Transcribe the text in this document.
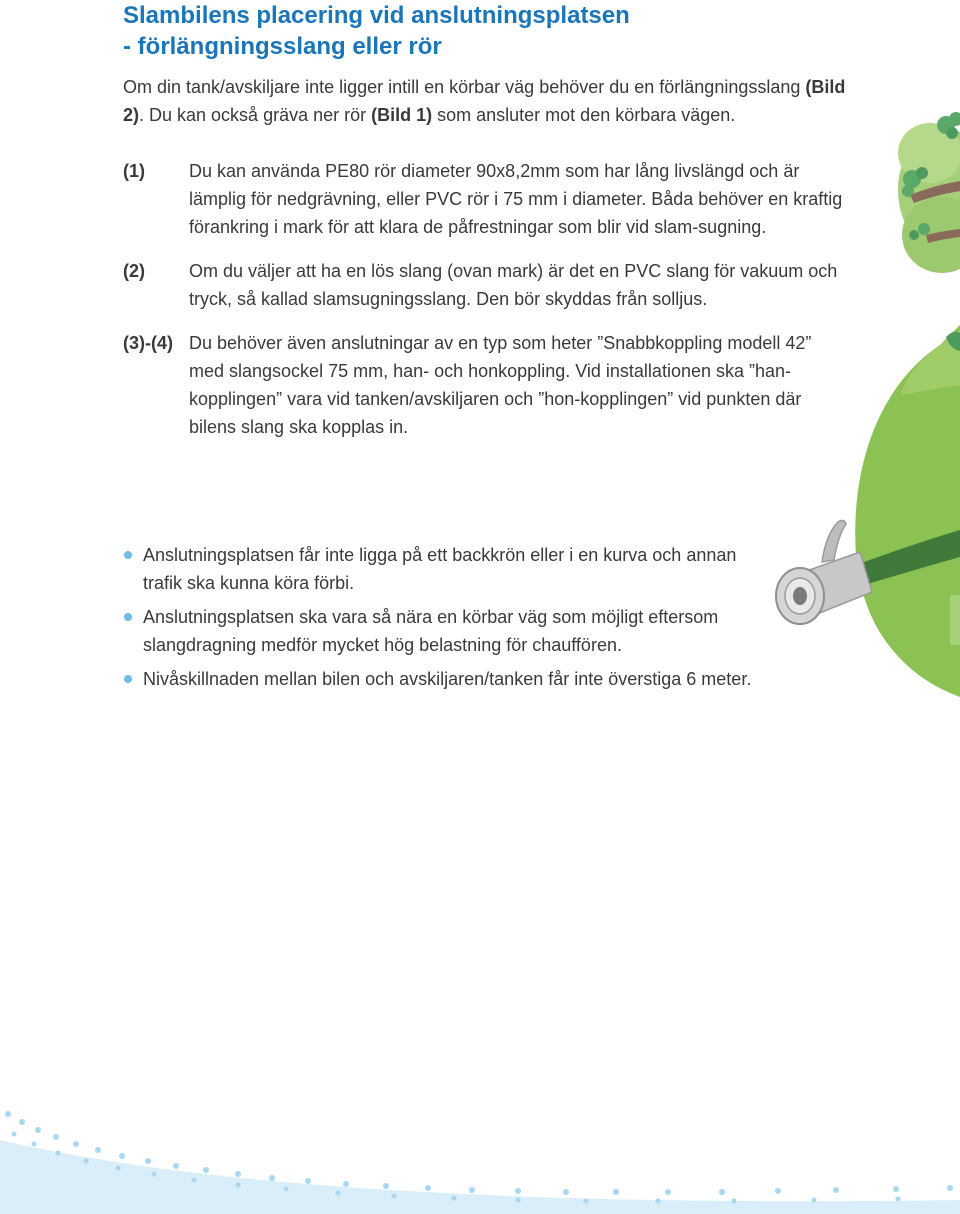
Slambilens placering vid anslutningsplatsen
- förlängningsslang eller rör

Om din tank/avskiljare inte ligger intill en körbar väg behöver du en förlängningsslang (Bild 2). Du kan också gräva ner rör (Bild 1) som ansluter mot den körbara vägen.

(1)	Du kan använda PE80 rör diameter 90x8,2mm som har lång livslängd och är lämplig för nedgrävning, eller PVC rör i 75 mm i diameter. Båda behöver en kraftig förankring i mark för att klara de påfrestningar som blir vid slam-sugning.
(2)	Om du väljer att ha en lös slang (ovan mark) är det en PVC slang för vakuum och tryck, så kallad slamsugningsslang. Den bör skyddas från solljus.
(3)-(4) Du behöver även anslutningar av en typ som heter ”Snabbkoppling modell 42” med slangsockel 75 mm, han- och honkoppling. Vid installationen ska ”han-kopplingen” vara vid tanken/avskiljaren och ”hon-kopplingen” vid punkten där bilens slang ska kopplas in.
Anslutningsplatsen får inte ligga på ett backkrön eller i en kurva och annan trafik ska kunna köra förbi.
Anslutningsplatsen ska vara så nära en körbar väg som möjligt eftersom slangdragning medför mycket hög belastning för chauffören.
Nivåskillnaden mellan bilen och avskiljaren/tanken får inte överstiga 6 meter.
